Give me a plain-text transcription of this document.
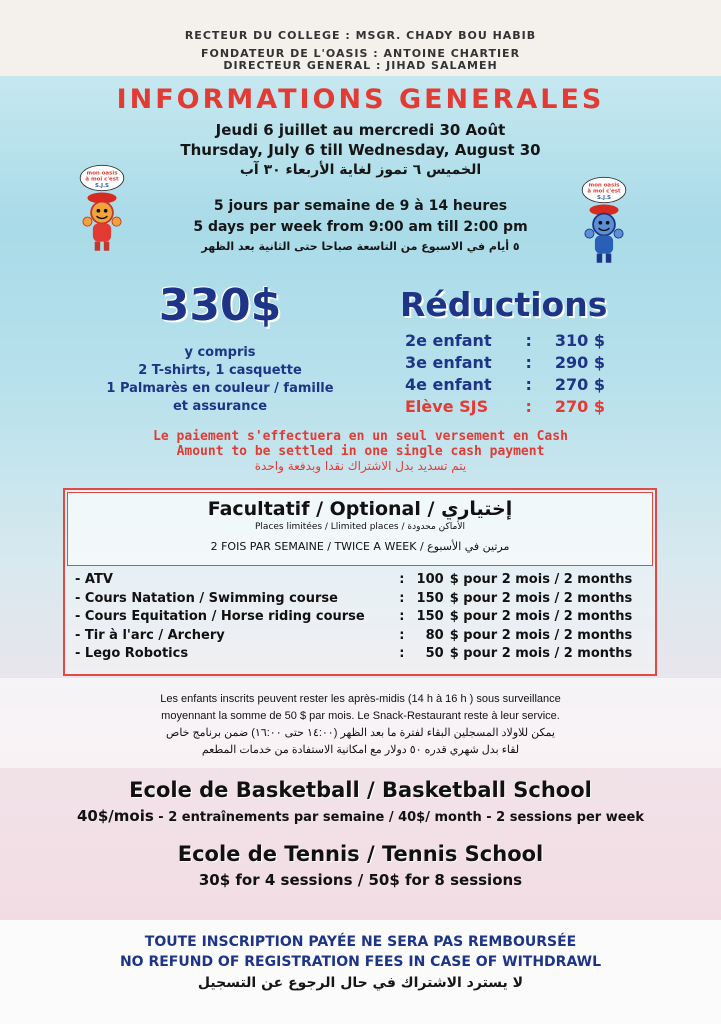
RECTEUR DU COLLEGE : MSGR. CHADY BOU HABIB
FONDATEUR DE L'OASIS : ANTOINE CHARTIER
DIRECTEUR GENERAL : JIHAD SALAMEH
INFORMATIONS GENERALES
Jeudi 6 juillet au mercredi 30 Août
Thursday, July 6 till Wednesday, August 30
الخميس ٦ تموز لغاية الأربعاء ٣٠ آب
5 jours par semaine de 9 à 14 heures
5 days per week from 9:00 am till 2:00 pm
٥ أيام في الاسبوع من التاسعة صباحا حتى الثانية بعد الظهر
mon oasis
à moi c'est
S.J.S	mon oasis
à moi c'est
S.J.S
330$
y compris
2 T-shirts, 1 casquette
1 Palmarès en couleur / famille
et assurance
Réductions
2e enfant	:	310 $
3e enfant	:	290 $
4e enfant	:	270 $
Elève SJS	:	270 $
Le paiement s'effectuera en un seul versement en Cash
Amount to be settled in one single cash payment
يتم تسديد بدل الاشتراك نقدا وبدفعة واحدة
Facultatif / Optional / إختياري
Places limitées / Llimited places / الأماكن محدودة
2 FOIS PAR SEMAINE / TWICE A WEEK / مرتين في الأسبوع
- ATV	: 100 $ pour 2 mois / 2 months
- Cours Natation / Swimming course	: 150 $ pour 2 mois / 2 months
- Cours Equitation / Horse riding course	: 150 $ pour 2 mois / 2 months
- Tir à l'arc / Archery	:	80 $ pour 2 mois / 2 months
- Lego Robotics	:	50 $ pour 2 mois / 2 months
Les enfants inscrits peuvent rester les après-midis (14 h à 16 h ) sous surveillance
moyennant la somme de 50 $ par mois. Le Snack-Restaurant reste à leur service.
يمكن للاولاد المسجلين البقاء لفترة ما بعد الظهر (١٤:٠٠ حتى ١٦:٠٠) ضمن برنامج خاص
لقاء بدل شهري قدره ٥٠ دولار مع امكانية الاستفادة من خدمات المطعم
Ecole de Basketball / Basketball School
40$/mois - 2 entraînements par semaine / 40$/ month - 2 sessions per week
Ecole de Tennis / Tennis School
30$ for 4 sessions / 50$ for 8 sessions
TOUTE INSCRIPTION PAYÉE NE SERA PAS REMBOURSÉE
NO REFUND OF REGISTRATION FEES IN CASE OF WITHDRAWL
لا يسترد الاشتراك في حال الرجوع عن التسجيل
